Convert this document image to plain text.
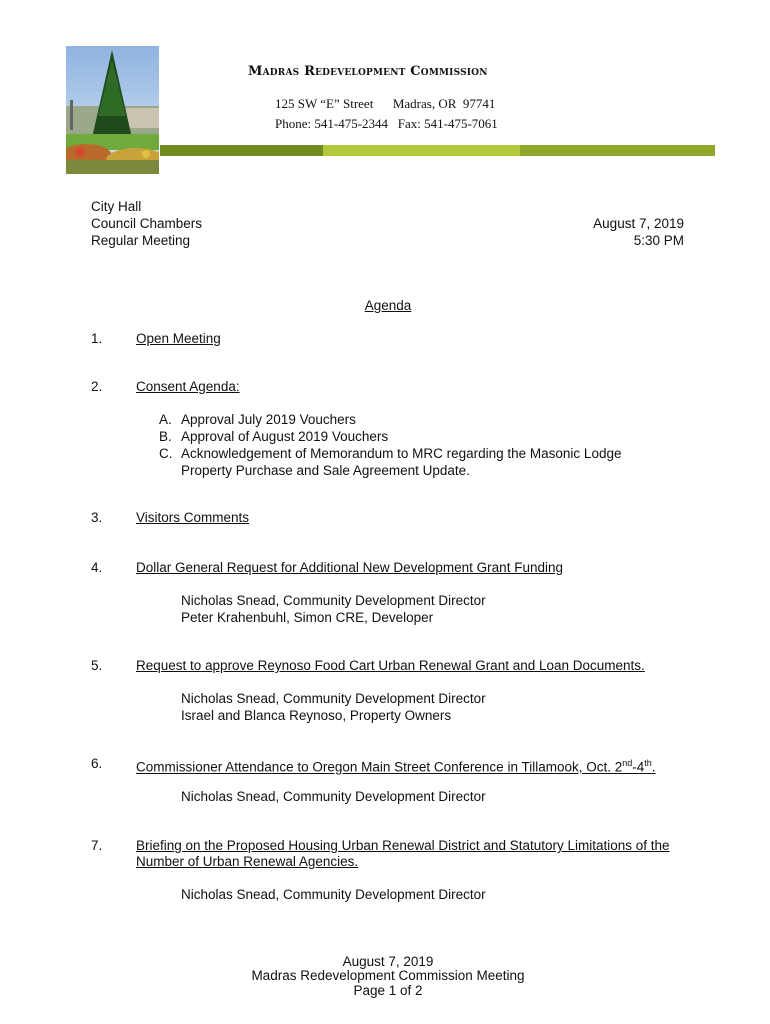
Madras Redevelopment Commission
125 SW “E” Street Madras, OR  97741
Phone: 541-475-2344 Fax: 541-475-7061
City Hall
Council Chambers
Regular Meeting
August 7, 2019
5:30 PM
Agenda
1. Open Meeting
2. Consent Agenda:
A. Approval July 2019 Vouchers
B. Approval of August 2019 Vouchers
C. Acknowledgement of Memorandum to MRC regarding the Masonic Lodge
Property Purchase and Sale Agreement Update.
3. Visitors Comments
4. Dollar General Request for Additional New Development Grant Funding
Nicholas Snead, Community Development Director
Peter Krahenbuhl, Simon CRE, Developer
5. Request to approve Reynoso Food Cart Urban Renewal Grant and Loan Documents.
Nicholas Snead, Community Development Director
Israel and Blanca Reynoso, Property Owners
6. Commissioner Attendance to Oregon Main Street Conference in Tillamook, Oct. 2nd-4th.
Nicholas Snead, Community Development Director
7. Briefing on the Proposed Housing Urban Renewal District and Statutory Limitations of the
Number of Urban Renewal Agencies.
Nicholas Snead, Community Development Director
August 7, 2019
Madras Redevelopment Commission Meeting
Page 1 of 2
